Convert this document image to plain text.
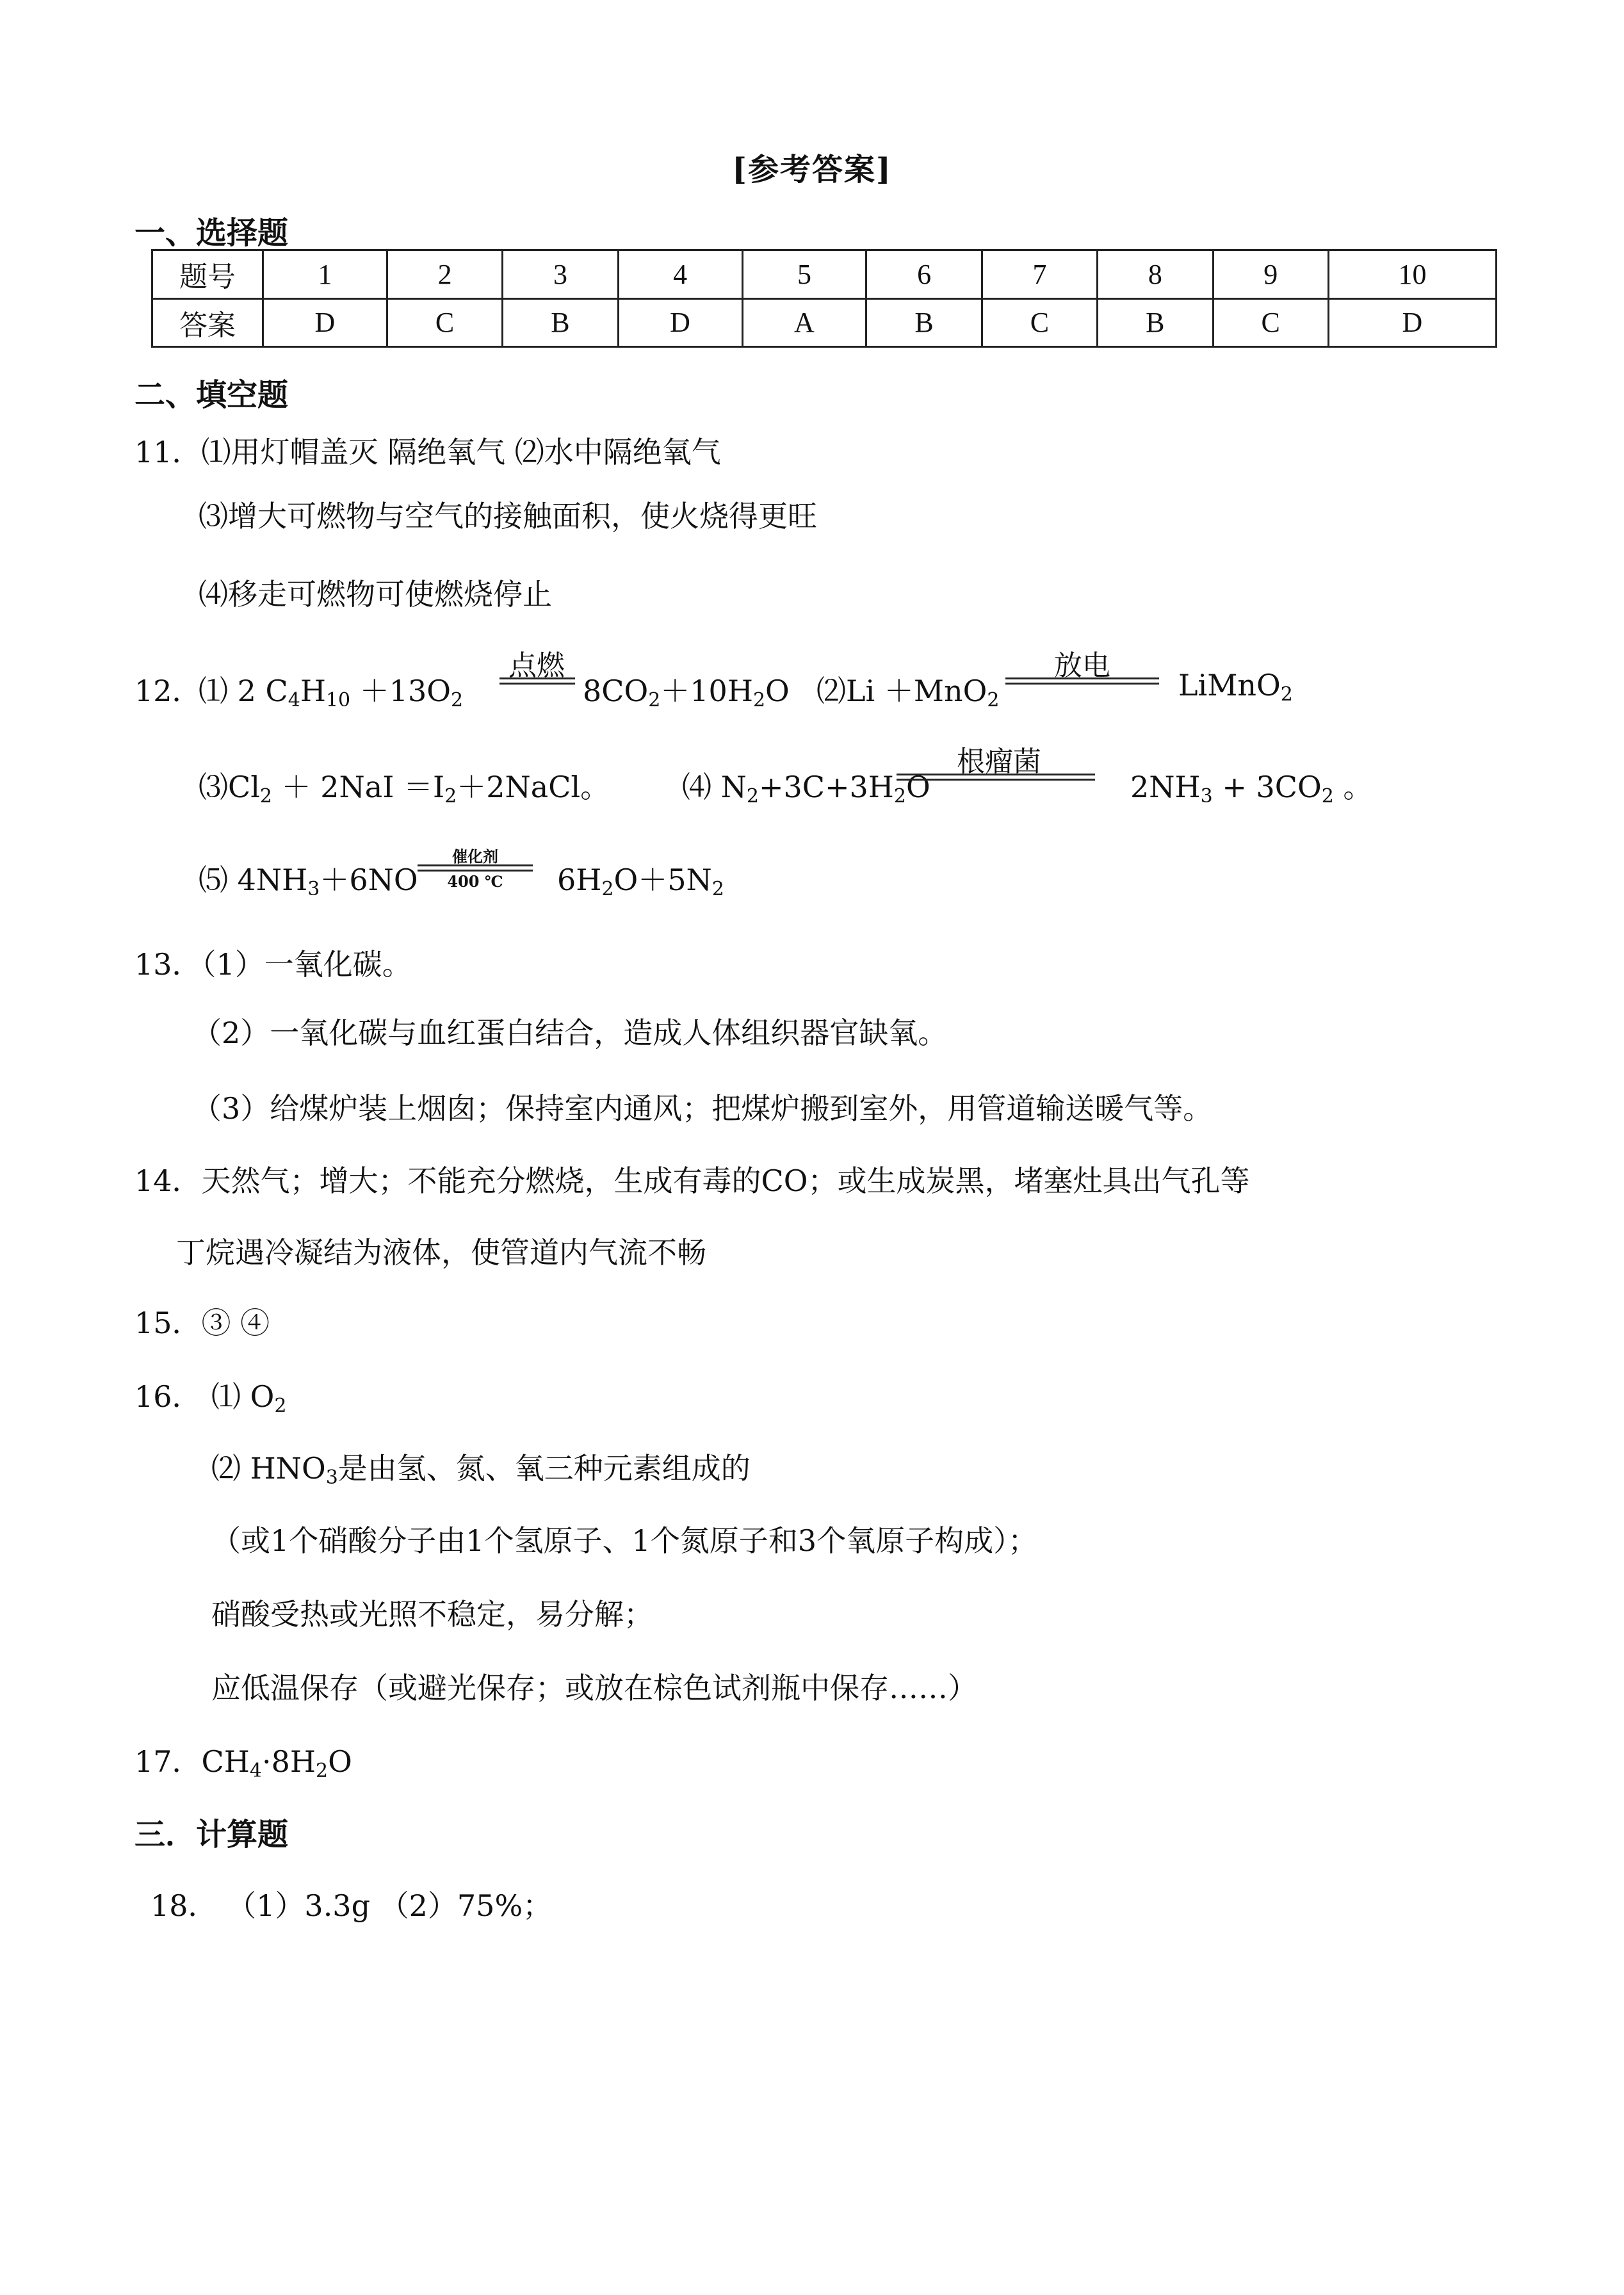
[参考答案]
一、选择题
题号	1	2	3	4	5	6	7	8	9	10
答案	D	C	B	D	A	B	C	B	C	D
二、填空题
11．⑴用灯帽盖灭 隔绝氧气 ⑵水中隔绝氧气
⑶增大可燃物与空气的接触面积，使火烧得更旺
⑷移走可燃物可使燃烧停止
12．
⑴ 2 $C_4H_{10} +13O_2$
点燃
$8CO_2+10H_2O$ ⑵Li ＋MnO$_2$
放电
LiMnO$_2$
$⑶Cl_2 + 2NaI$ $=I_2+2NaCl$。 ⑷ $N_2+3C+3H_2O$
根瘤菌
$2NH_3 + 3CO_2$ 。
⑸ $4NH_3+6NO$
催化剂
400 ℃	$6H_2O+5N_2$
13．（1）一氧化碳。
（2）一氧化碳与血红蛋白结合，造成人体组织器官缺氧。
（3）给煤炉装上烟囱；保持室内通风；把煤炉搬到室外，用管道输送暖气等。
14．天然气；增大；不能充分燃烧，生成有毒的CO；或生成炭黑，堵塞灶具出气孔等
丁烷遇冷凝结为液体，使管道内气流不畅
15．③ ④
16． ⑴ $O_2$
⑵ $HNO_3$是由氢、氮、氧三种元素组成的
（或1个硝酸分子由1个氢原子、1个氮原子和3个氧原子构成）；
硝酸受热或光照不稳定，易分解；
应低温保存（或避光保存；或放在棕色试剂瓶中保存……）
17．$CH_4\cdot 8H_2O$
三．计算题
18． （1）3.3g （2）75%；
